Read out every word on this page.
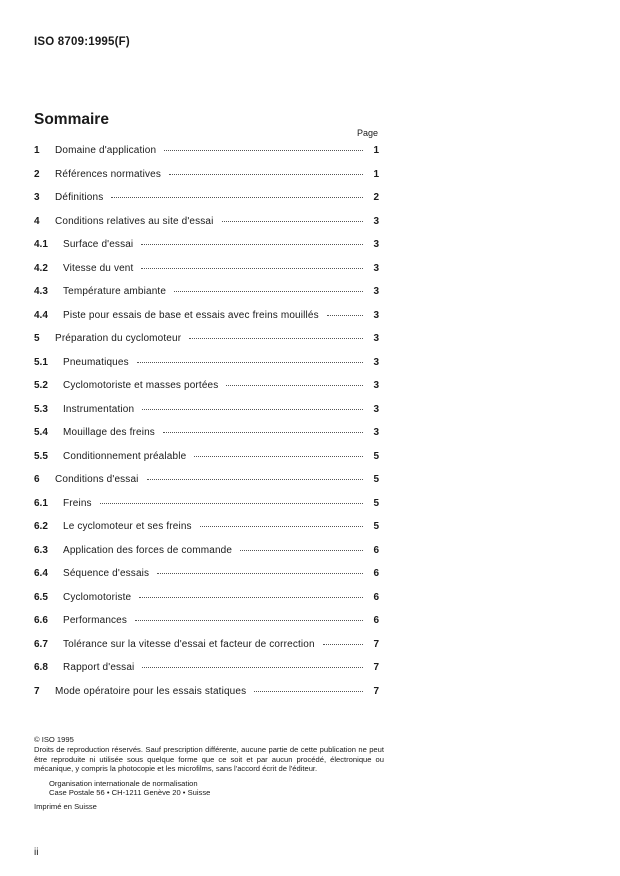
ISO 8709:1995(F)
Sommaire
Page
1	Domaine d'application	1
2	Références normatives	1
3	Définitions	2
4	Conditions relatives au site d'essai	3
4.1	Surface d'essai	3
4.2	Vitesse du vent	3
4.3	Température ambiante	3
4.4	Piste pour essais de base et essais avec freins mouillés	3
5	Préparation du cyclomoteur	3
5.1	Pneumatiques	3
5.2	Cyclomotoriste et masses portées	3
5.3	Instrumentation	3
5.4	Mouillage des freins	3
5.5	Conditionnement préalable	5
6	Conditions d'essai	5
6.1	Freins	5
6.2	Le cyclomoteur et ses freins	5
6.3	Application des forces de commande	6
6.4	Séquence d'essais	6
6.5	Cyclomotoriste	6
6.6	Performances	6
6.7	Tolérance sur la vitesse d'essai et facteur de correction	7
6.8	Rapport d'essai	7
7	Mode opératoire pour les essais statiques	7

© ISO 1995

Droits de reproduction réservés. Sauf prescription différente, aucune partie de cette publication ne peut être reproduite ni utilisée sous quelque forme que ce soit et par aucun procédé, électronique ou mécanique, y compris la photocopie et les microfilms, sans l'accord écrit de l'éditeur.

Organisation internationale de normalisation
Case Postale 56 • CH-1211 Genève 20 • Suisse

Imprimé en Suisse

ii
